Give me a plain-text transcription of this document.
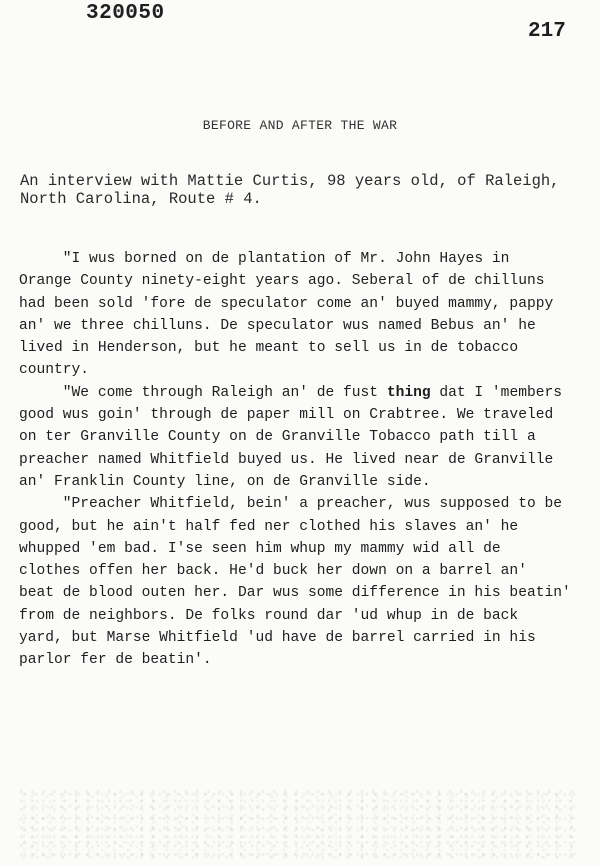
320050
217
BEFORE AND AFTER THE WAR
An interview with Mattie Curtis, 98 years old, of Raleigh,
North Carolina, Route # 4.
"I wus borned on de plantation of Mr. John Hayes in
Orange County ninety-eight years ago. Seberal of de chilluns
had been sold 'fore de speculator come an' buyed mammy, pappy
an' we three chilluns. De speculator wus named Bebus an' he
lived in Henderson, but he meant to sell us in de tobacco
country.
"We come through Raleigh an' de fust thing dat I 'members
good wus goin' through de paper mill on Crabtree. We traveled
on ter Granville County on de Granville Tobacco path till a
preacher named Whitfield buyed us. He lived near de Granville
an' Franklin County line, on de Granville side.
"Preacher Whitfield, bein' a preacher, wus supposed to be
good, but he ain't half fed ner clothed his slaves an' he
whupped 'em bad. I'se seen him whup my mammy wid all de
clothes offen her back. He'd buck her down on a barrel an'
beat de blood outen her. Dar wus some difference in his beatin'
from de neighbors. De folks round dar 'ud whup in de back
yard, but Marse Whitfield 'ud have de barrel carried in his
parlor fer de beatin'.
